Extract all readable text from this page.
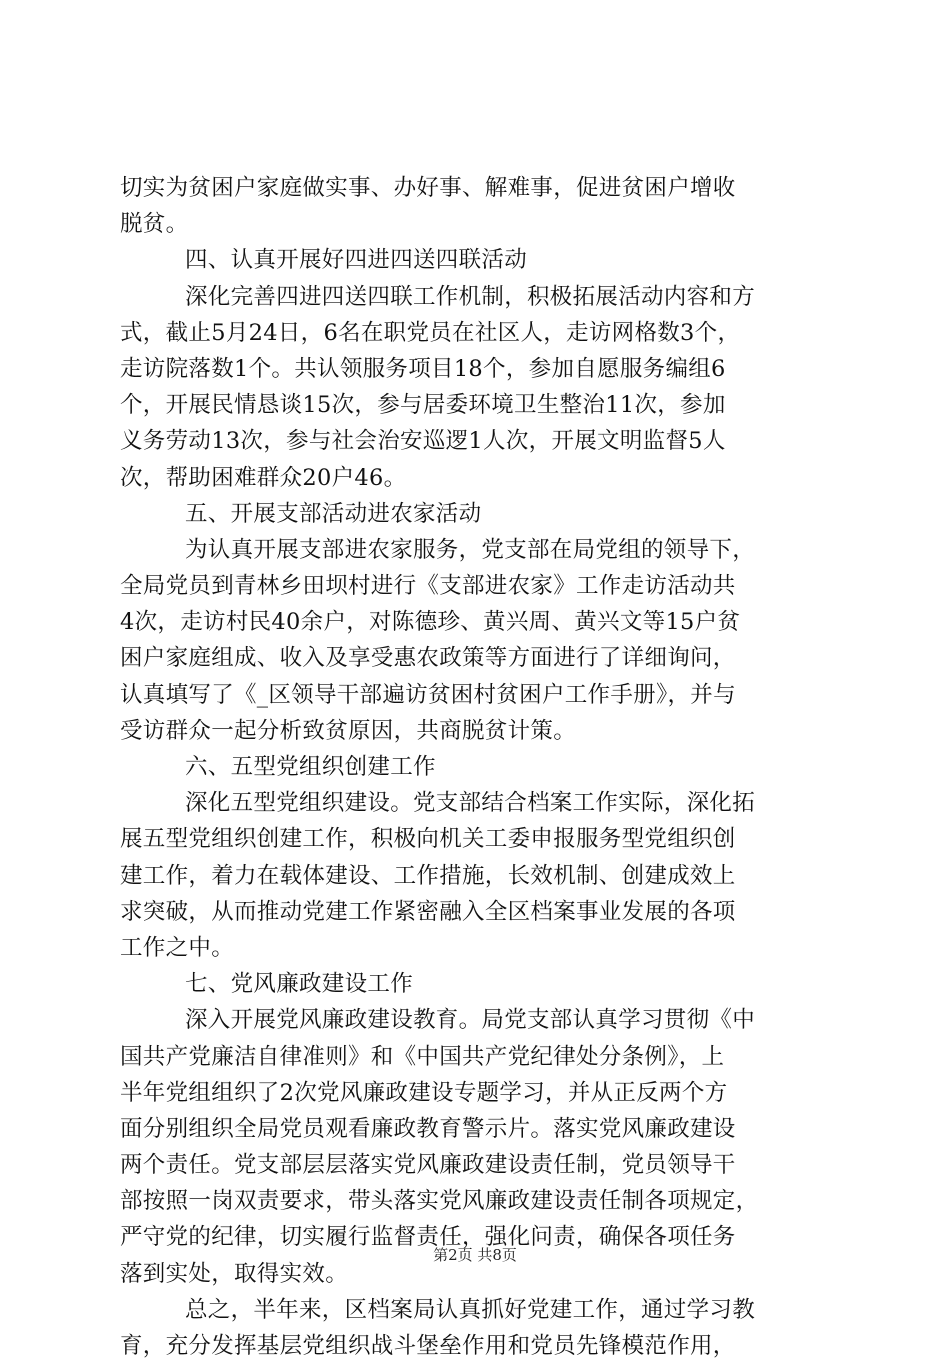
切实为贫困户家庭做实事、办好事、解难事，促进贫困户增收
脱贫。
四、认真开展好四进四送四联活动
深化完善四进四送四联工作机制，积极拓展活动内容和方
式，截止5月24日，6名在职党员在社区人，走访网格数3个，
走访院落数1个。共认领服务项目18个，参加自愿服务编组6
个，开展民情恳谈15次，参与居委环境卫生整治11次，参加
义务劳动13次，参与社会治安巡逻1人次，开展文明监督5人
次，帮助困难群众20户46。
五、开展支部活动进农家活动
为认真开展支部进农家服务，党支部在局党组的领导下，
全局党员到青林乡田坝村进行《支部进农家》工作走访活动共
4次，走访村民40余户，对陈德珍、黄兴周、黄兴文等15户贫
困户家庭组成、收入及享受惠农政策等方面进行了详细询问，
认真填写了《_区领导干部遍访贫困村贫困户工作手册》，并与
受访群众一起分析致贫原因，共商脱贫计策。
六、五型党组织创建工作
深化五型党组织建设。党支部结合档案工作实际，深化拓
展五型党组织创建工作，积极向机关工委申报服务型党组织创
建工作，着力在载体建设、工作措施，长效机制、创建成效上
求突破，从而推动党建工作紧密融入全区档案事业发展的各项
工作之中。
七、党风廉政建设工作
深入开展党风廉政建设教育。局党支部认真学习贯彻《中
国共产党廉洁自律准则》和《中国共产党纪律处分条例》，上
半年党组组织了2次党风廉政建设专题学习，并从正反两个方
面分别组织全局党员观看廉政教育警示片。落实党风廉政建设
两个责任。党支部层层落实党风廉政建设责任制，党员领导干
部按照一岗双责要求，带头落实党风廉政建设责任制各项规定，
严守党的纪律，切实履行监督责任，强化问责，确保各项任务
落到实处，取得实效。
总之，半年来，区档案局认真抓好党建工作，通过学习教
育，充分发挥基层党组织战斗堡垒作用和党员先锋模范作用，
第2页 共8页
